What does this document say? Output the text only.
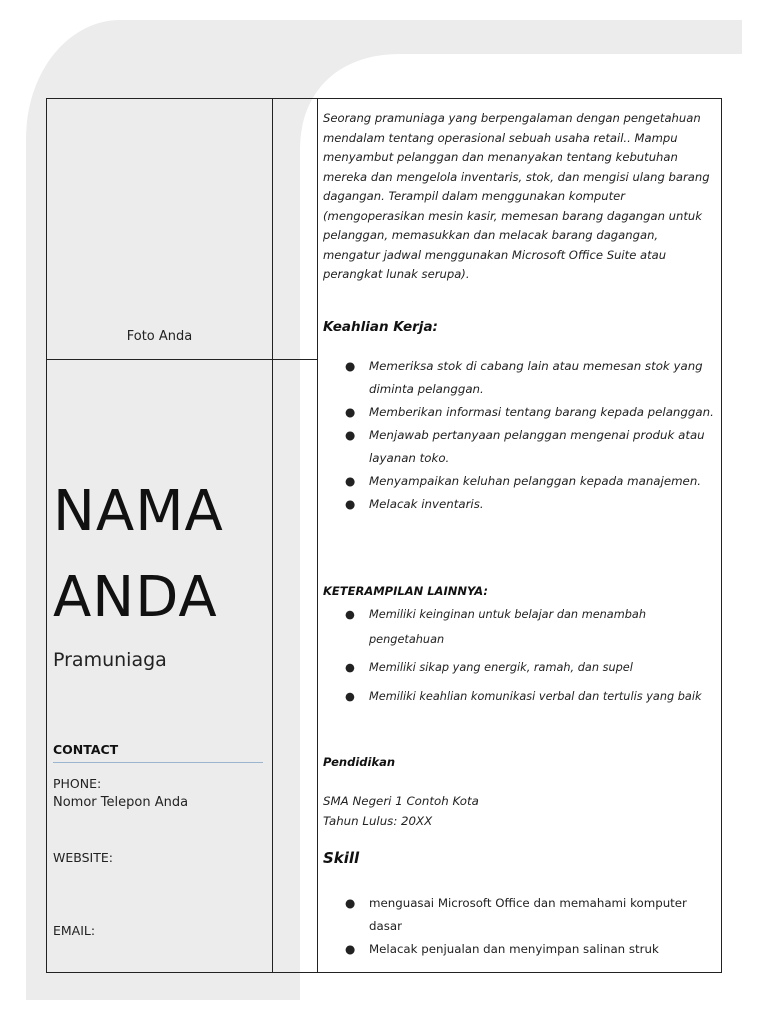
Foto Anda
NAMA
ANDA
Pramuniaga
CONTACT
PHONE:
Nomor Telepon Anda
WEBSITE:
EMAIL:

Seorang pramuniaga yang berpengalaman dengan pengetahuan mendalam tentang operasional sebuah usaha retail.. Mampu menyambut pelanggan dan menanyakan tentang kebutuhan mereka dan mengelola inventaris, stok, dan mengisi ulang barang dagangan. Terampil dalam menggunakan komputer (mengoperasikan mesin kasir, memesan barang dagangan untuk pelanggan, memasukkan dan melacak barang dagangan, mengatur jadwal menggunakan Microsoft Office Suite atau perangkat lunak serupa).

Keahlian Kerja:
● Memeriksa stok di cabang lain atau memesan stok yang diminta pelanggan.
● Memberikan informasi tentang barang kepada pelanggan.
● Menjawab pertanyaan pelanggan mengenai produk atau layanan toko.
● Menyampaikan keluhan pelanggan kepada manajemen.
● Melacak inventaris.
KETERAMPILAN LAINNYA:
● Memiliki keinginan untuk belajar dan menambah pengetahuan
● Memiliki sikap yang energik, ramah, dan supel
● Memiliki keahlian komunikasi verbal dan tertulis yang baik
Pendidikan
SMA Negeri 1 Contoh Kota
Tahun Lulus: 20XX
Skill
● menguasai Microsoft Office dan memahami komputer dasar
● Melacak penjualan dan menyimpan salinan struk
